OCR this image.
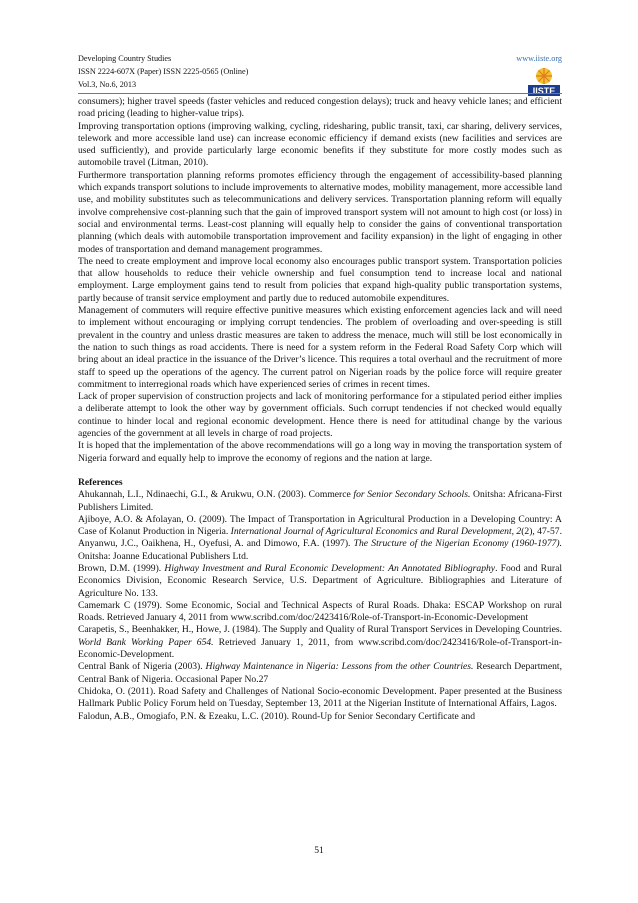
Developing Country Studies	www.iiste.org
ISSN 2224-607X (Paper) ISSN 2225-0565 (Online)
Vol.3, No.6, 2013
IISTE

consumers); higher travel speeds (faster vehicles and reduced congestion delays); truck and heavy vehicle lanes; and efficient road pricing (leading to higher-value trips).

Improving transportation options (improving walking, cycling, ridesharing, public transit, taxi, car sharing, delivery services, telework and more accessible land use) can increase economic efficiency if demand exists (new facilities and services are used sufficiently), and provide particularly large economic benefits if they substitute for more costly modes such as automobile travel (Litman, 2010).

Furthermore transportation planning reforms promotes efficiency through the engagement of accessibility-based planning which expands transport solutions to include improvements to alternative modes, mobility management, more accessible land use, and mobility substitutes such as telecommunications and delivery services. Transportation planning reform will equally involve comprehensive cost-planning such that the gain of improved transport system will not amount to high cost (or loss) in social and environmental terms. Least-cost planning will equally help to consider the gains of conventional transportation planning (which deals with automobile transportation improvement and facility expansion) in the light of engaging in other modes of transportation and demand management programmes.

The need to create employment and improve local economy also encourages public transport system. Transportation policies that allow households to reduce their vehicle ownership and fuel consumption tend to increase local and national employment. Large employment gains tend to result from policies that expand high-quality public transportation systems, partly because of transit service employment and partly due to reduced automobile expenditures.

Management of commuters will require effective punitive measures which existing enforcement agencies lack and will need to implement without encouraging or implying corrupt tendencies. The problem of overloading and over-speeding is still prevalent in the country and unless drastic measures are taken to address the menace, much will still be lost economically in the nation to such things as road accidents. There is need for a system reform in the Federal Road Safety Corp which will bring about an ideal practice in the issuance of the Driver’s licence. This requires a total overhaul and the recruitment of more staff to speed up the operations of the agency. The current patrol on Nigerian roads by the police force will require greater commitment to interregional roads which have experienced series of crimes in recent times.

Lack of proper supervision of construction projects and lack of monitoring performance for a stipulated period either implies a deliberate attempt to look the other way by government officials. Such corrupt tendencies if not checked would equally continue to hinder local and regional economic development. Hence there is need for attitudinal change by the various agencies of the government at all levels in charge of road projects.

It is hoped that the implementation of the above recommendations will go a long way in moving the transportation system of Nigeria forward and equally help to improve the economy of regions and the nation at large.

References

Ahukannah, L.I., Ndinaechi, G.I., & Arukwu, O.N. (2003). Commerce for Senior Secondary Schools. Onitsha: Africana-First Publishers Limited.

Ajiboye, A.O. & Afolayan, O. (2009). The Impact of Transportation in Agricultural Production in a Developing Country: A Case of Kolanut Production in Nigeria. International Journal of Agricultural Economics and Rural Development, 2(2), 47-57.

Anyanwu, J.C., Oaikhena, H., Oyefusi, A. and Dimowo, F.A. (1997). The Structure of the Nigerian Economy (1960-1977). Onitsha: Joanne Educational Publishers Ltd.

Brown, D.M. (1999). Highway Investment and Rural Economic Development: An Annotated Bibliography. Food and Rural Economics Division, Economic Research Service, U.S. Department of Agriculture. Bibliographies and Literature of Agriculture No. 133.

Camemark C (1979). Some Economic, Social and Technical Aspects of Rural Roads. Dhaka: ESCAP Workshop on rural Roads. Retrieved January 4, 2011 from www.scribd.com/doc/2423416/Role-of-Transport-in-Economic-Development

Carapetis, S., Beenhakker, H., Howe, J. (1984). The Supply and Quality of Rural Transport Services in Developing Countries. World Bank Working Paper 654. Retrieved January 1, 2011, from www.scribd.com/doc/2423416/Role-of-Transport-in-Economic-Development.

Central Bank of Nigeria (2003). Highway Maintenance in Nigeria: Lessons from the other Countries. Research Department, Central Bank of Nigeria. Occasional Paper No.27

Chidoka, O. (2011). Road Safety and Challenges of National Socio-economic Development. Paper presented at the Business Hallmark Public Policy Forum held on Tuesday, September 13, 2011 at the Nigerian Institute of International Affairs, Lagos.

Falodun, A.B., Omogiafo, P.N. & Ezeaku, L.C. (2010). Round-Up for Senior Secondary Certificate and

51
